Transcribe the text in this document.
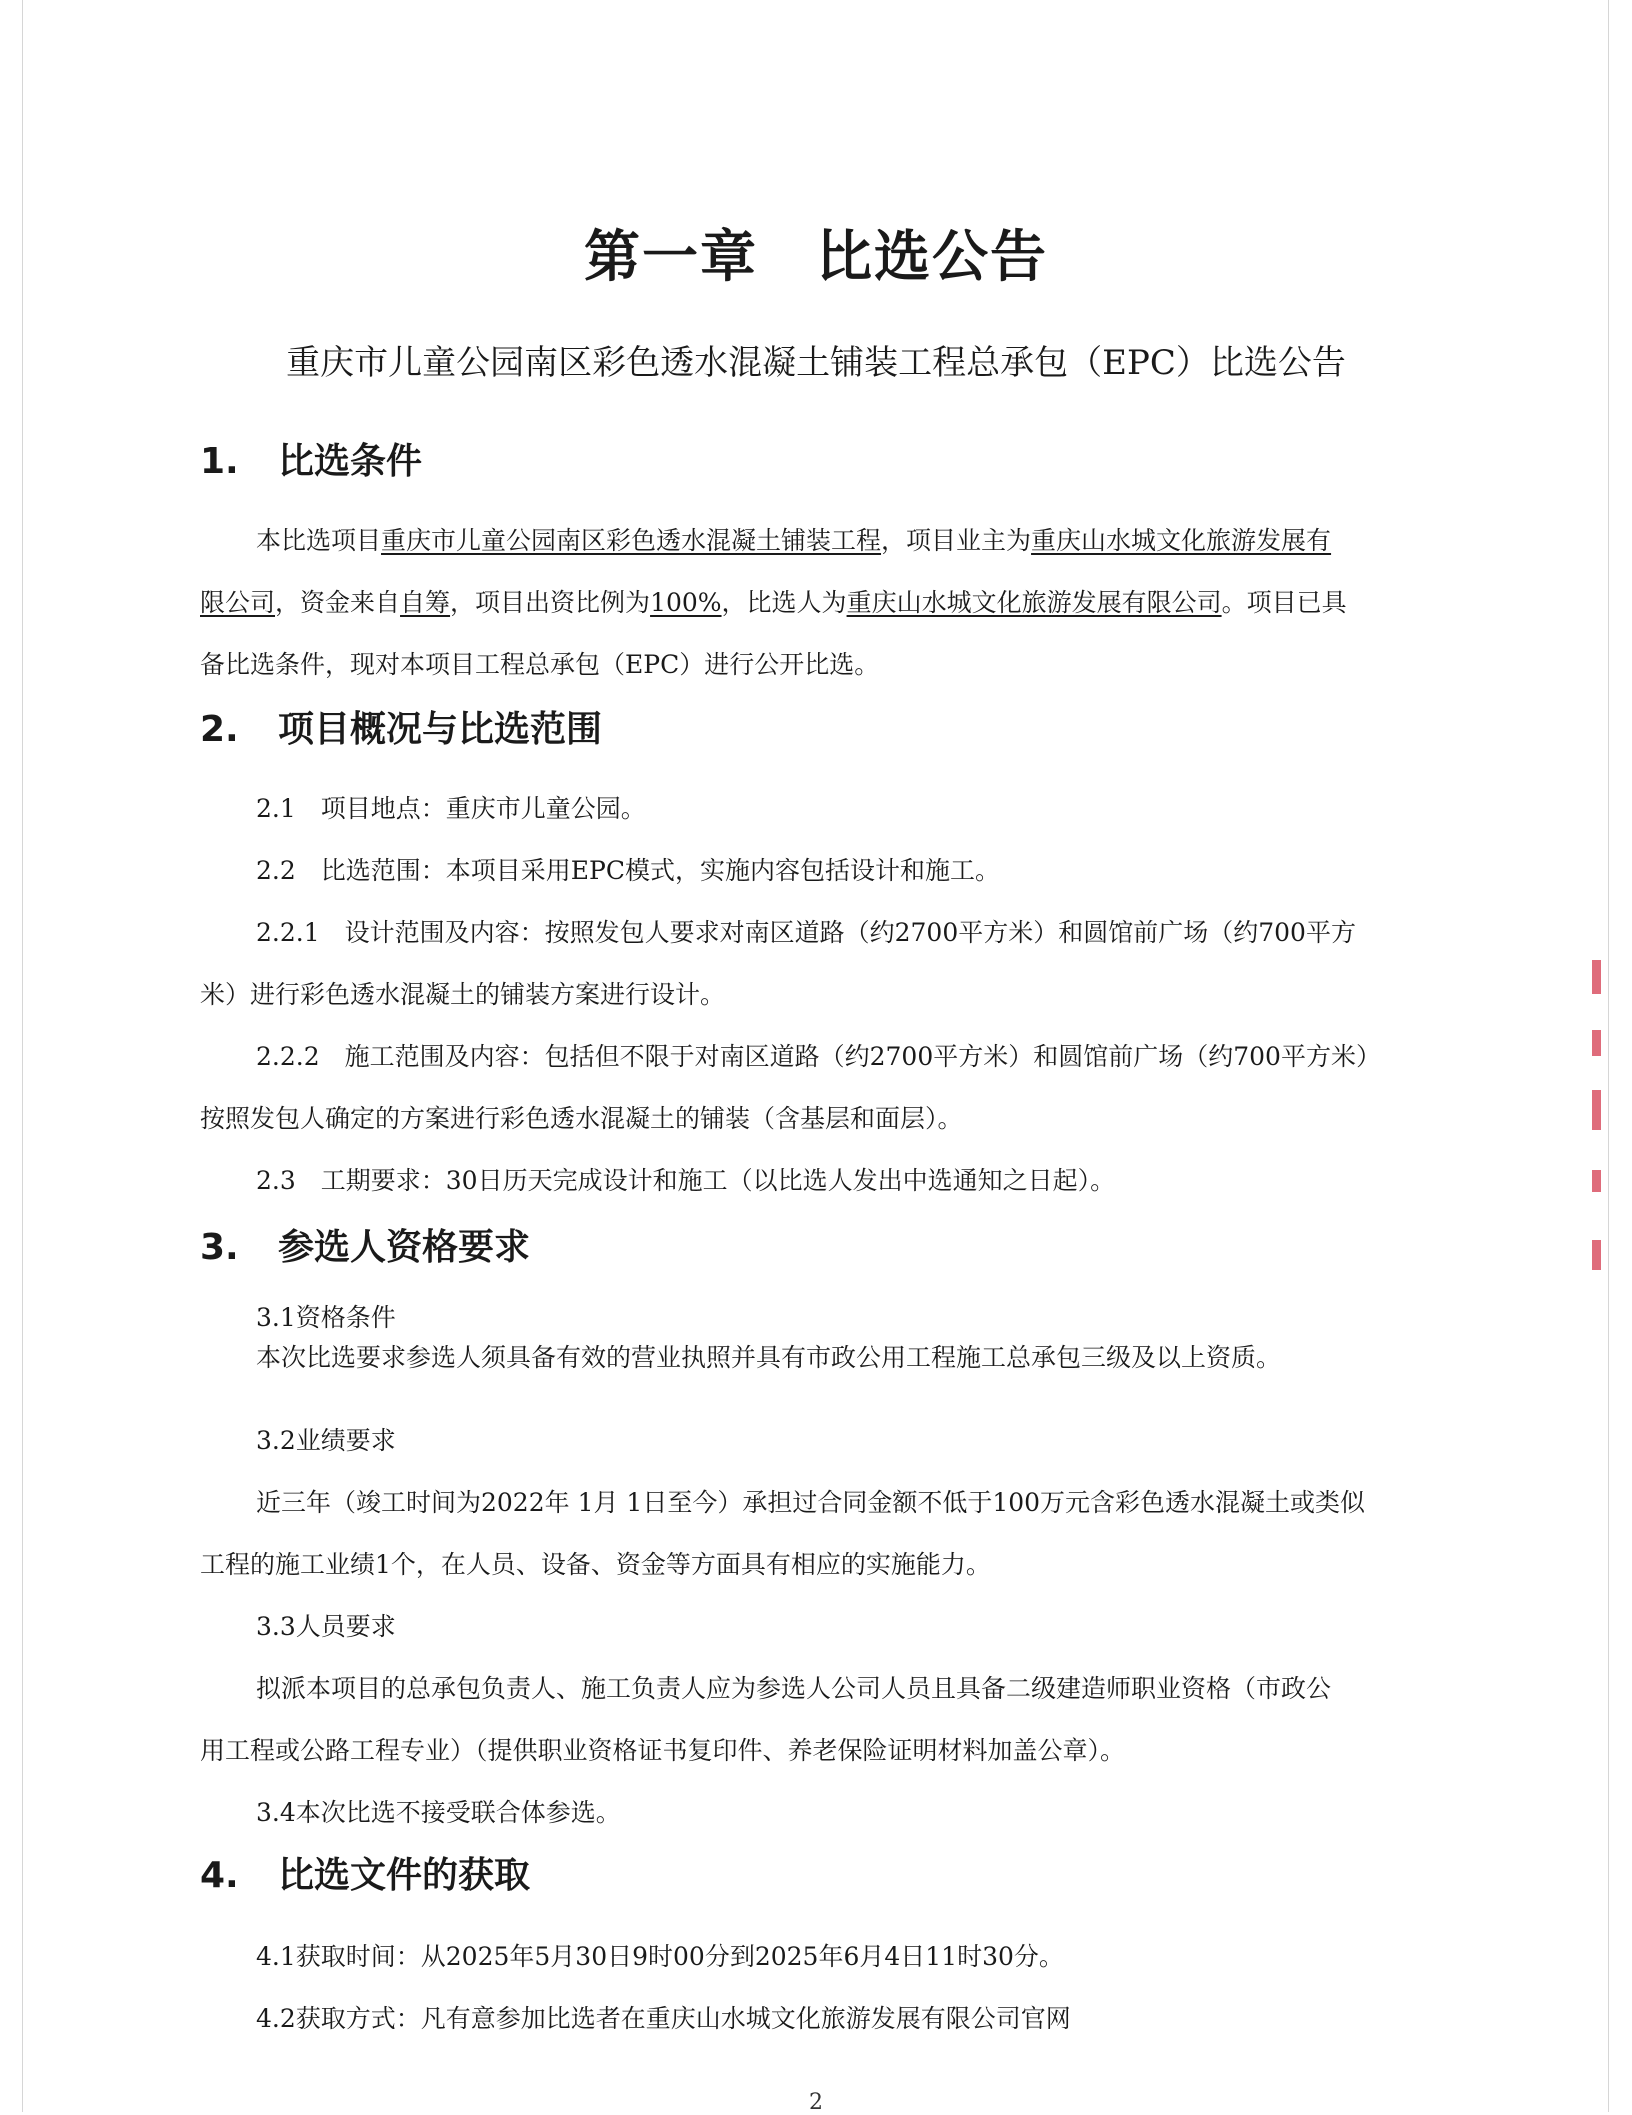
第一章　比选公告
重庆市儿童公园南区彩色透水混凝土铺装工程总承包（EPC）比选公告
1. 比选条件
本比选项目重庆市儿童公园南区彩色透水混凝土铺装工程，项目业主为重庆山水城文化旅游发展有
限公司，资金来自自筹，项目出资比例为100%，比选人为重庆山水城文化旅游发展有限公司。项目已具
备比选条件，现对本项目工程总承包（EPC）进行公开比选。
2. 项目概况与比选范围
2.1　项目地点：重庆市儿童公园。
2.2　比选范围：本项目采用EPC模式，实施内容包括设计和施工。
2.2.1　设计范围及内容：按照发包人要求对南区道路（约2700平方米）和圆馆前广场（约700平方
米）进行彩色透水混凝土的铺装方案进行设计。
2.2.2　施工范围及内容：包括但不限于对南区道路（约2700平方米）和圆馆前广场（约700平方米）
按照发包人确定的方案进行彩色透水混凝土的铺装（含基层和面层）。
2.3　工期要求：30日历天完成设计和施工（以比选人发出中选通知之日起）。
3. 参选人资格要求
3.1资格条件
本次比选要求参选人须具备有效的营业执照并具有市政公用工程施工总承包三级及以上资质。
3.2业绩要求
近三年（竣工时间为2022年 1月 1日至今）承担过合同金额不低于100万元含彩色透水混凝土或类似
工程的施工业绩1个，在人员、设备、资金等方面具有相应的实施能力。
3.3人员要求
拟派本项目的总承包负责人、施工负责人应为参选人公司人员且具备二级建造师职业资格（市政公
用工程或公路工程专业）（提供职业资格证书复印件、养老保险证明材料加盖公章）。
3.4本次比选不接受联合体参选。
4. 比选文件的获取
4.1获取时间：从2025年5月30日9时00分到2025年6月4日11时30分。
4.2获取方式：凡有意参加比选者在重庆山水城文化旅游发展有限公司官网
2
